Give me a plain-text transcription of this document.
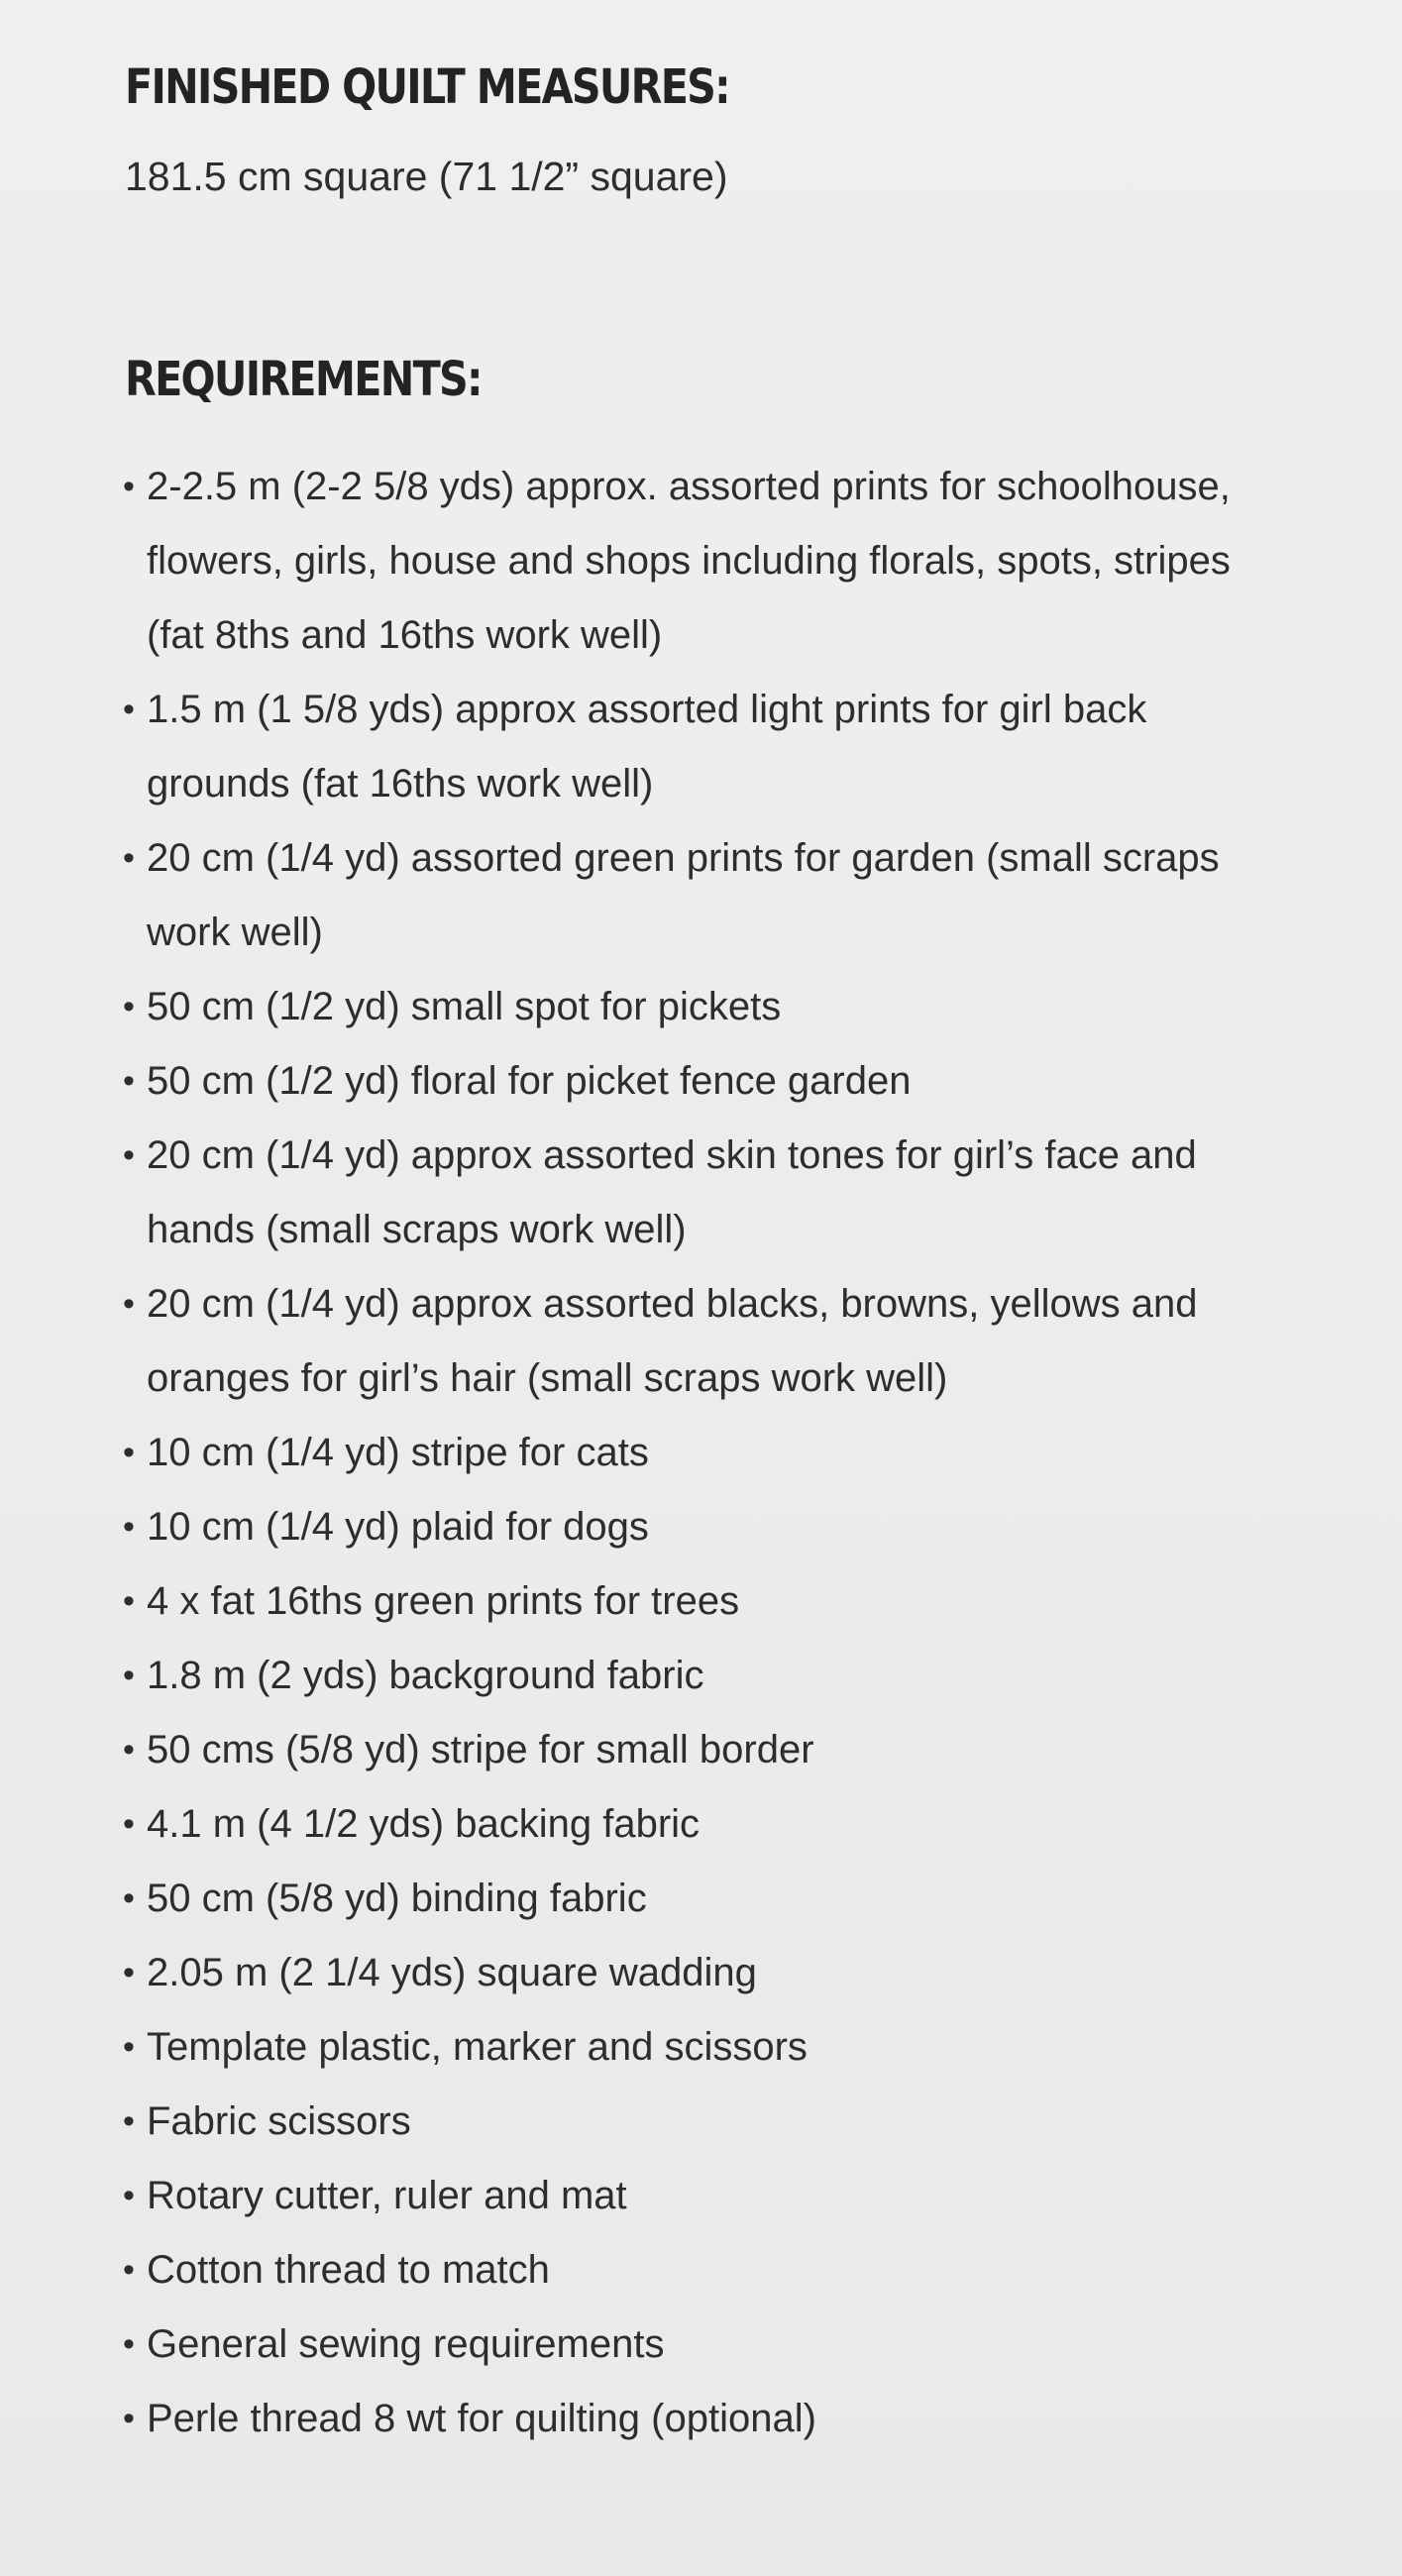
FINISHED QUILT MEASURES:
181.5 cm square (71 1/2” square)
REQUIREMENTS:
• 2-2.5 m (2-2 5/8 yds) approx. assorted prints for schoolhouse,
flowers, girls, house and shops including florals, spots, stripes
(fat 8ths and 16ths work well)
• 1.5 m (1 5/8 yds) approx assorted light prints for girl back
grounds (fat 16ths work well)
• 20 cm (1/4 yd) assorted green prints for garden (small scraps
work well)
• 50 cm (1/2 yd) small spot for pickets
• 50 cm (1/2 yd) floral for picket fence garden
• 20 cm (1/4 yd) approx assorted skin tones for girl’s face and
hands (small scraps work well)
• 20 cm (1/4 yd) approx assorted blacks, browns, yellows and
oranges for girl’s hair (small scraps work well)
• 10 cm (1/4 yd) stripe for cats
• 10 cm (1/4 yd) plaid for dogs
• 4 x fat 16ths green prints for trees
• 1.8 m (2 yds) background fabric
• 50 cms (5/8 yd) stripe for small border
• 4.1 m (4 1/2 yds) backing fabric
• 50 cm (5/8 yd) binding fabric
• 2.05 m (2 1/4 yds) square wadding
• Template plastic, marker and scissors
• Fabric scissors
• Rotary cutter, ruler and mat
• Cotton thread to match
• General sewing requirements
• Perle thread 8 wt for quilting (optional)
